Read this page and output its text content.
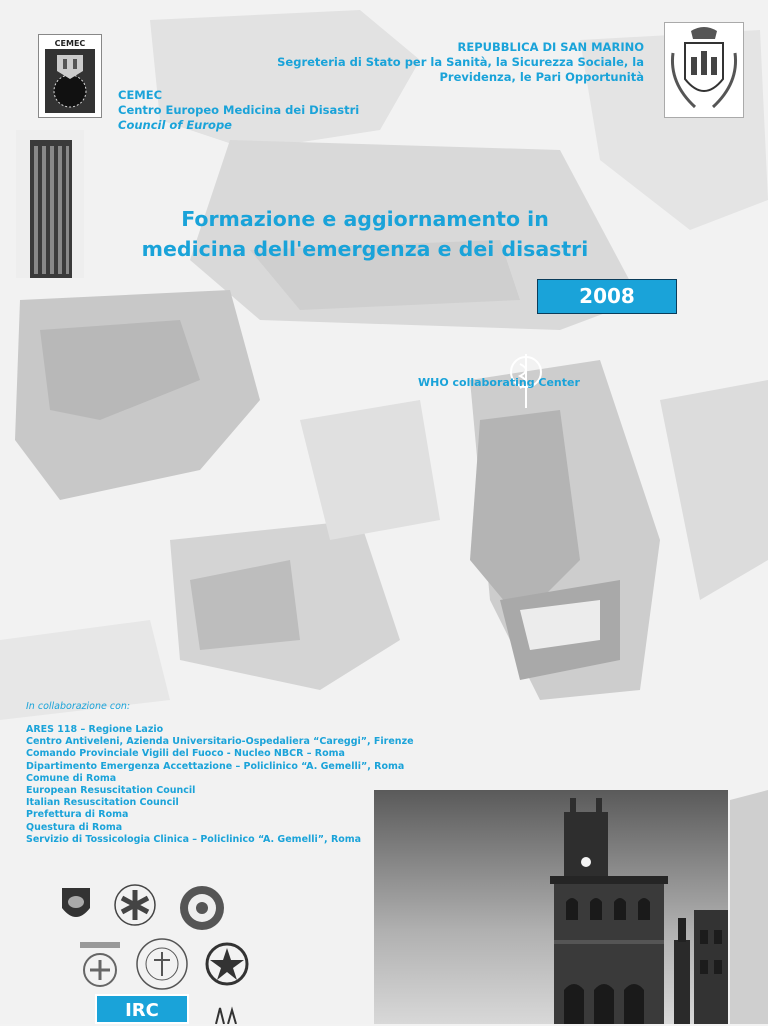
CEMEC	REPUBBLICA DI SAN MARINO
Segreteria di Stato per la Sanità, la Sicurezza Sociale, la
Previdenza, le Pari Opportunità
CEMEC
Centro Europeo Medicina dei Disastri
Council of Europe
Formazione e aggiornamento in
medicina dell'emergenza e dei disastri
2008
WHO collaborating Center
In collaborazione con:
ARES 118 – Regione Lazio
Centro Antiveleni, Azienda Universitario-Ospedaliera “Careggi”, Firenze
Comando Provinciale Vigili del Fuoco - Nucleo NBCR – Roma
Dipartimento Emergenza Accettazione – Policlinico “A. Gemelli”, Roma
Comune di Roma
European Resuscitation Council
Italian Resuscitation Council
Prefettura di Roma
Questura di Roma
Servizio di Tossicologia Clinica – Policlinico “A. Gemelli”, Roma
IRC
